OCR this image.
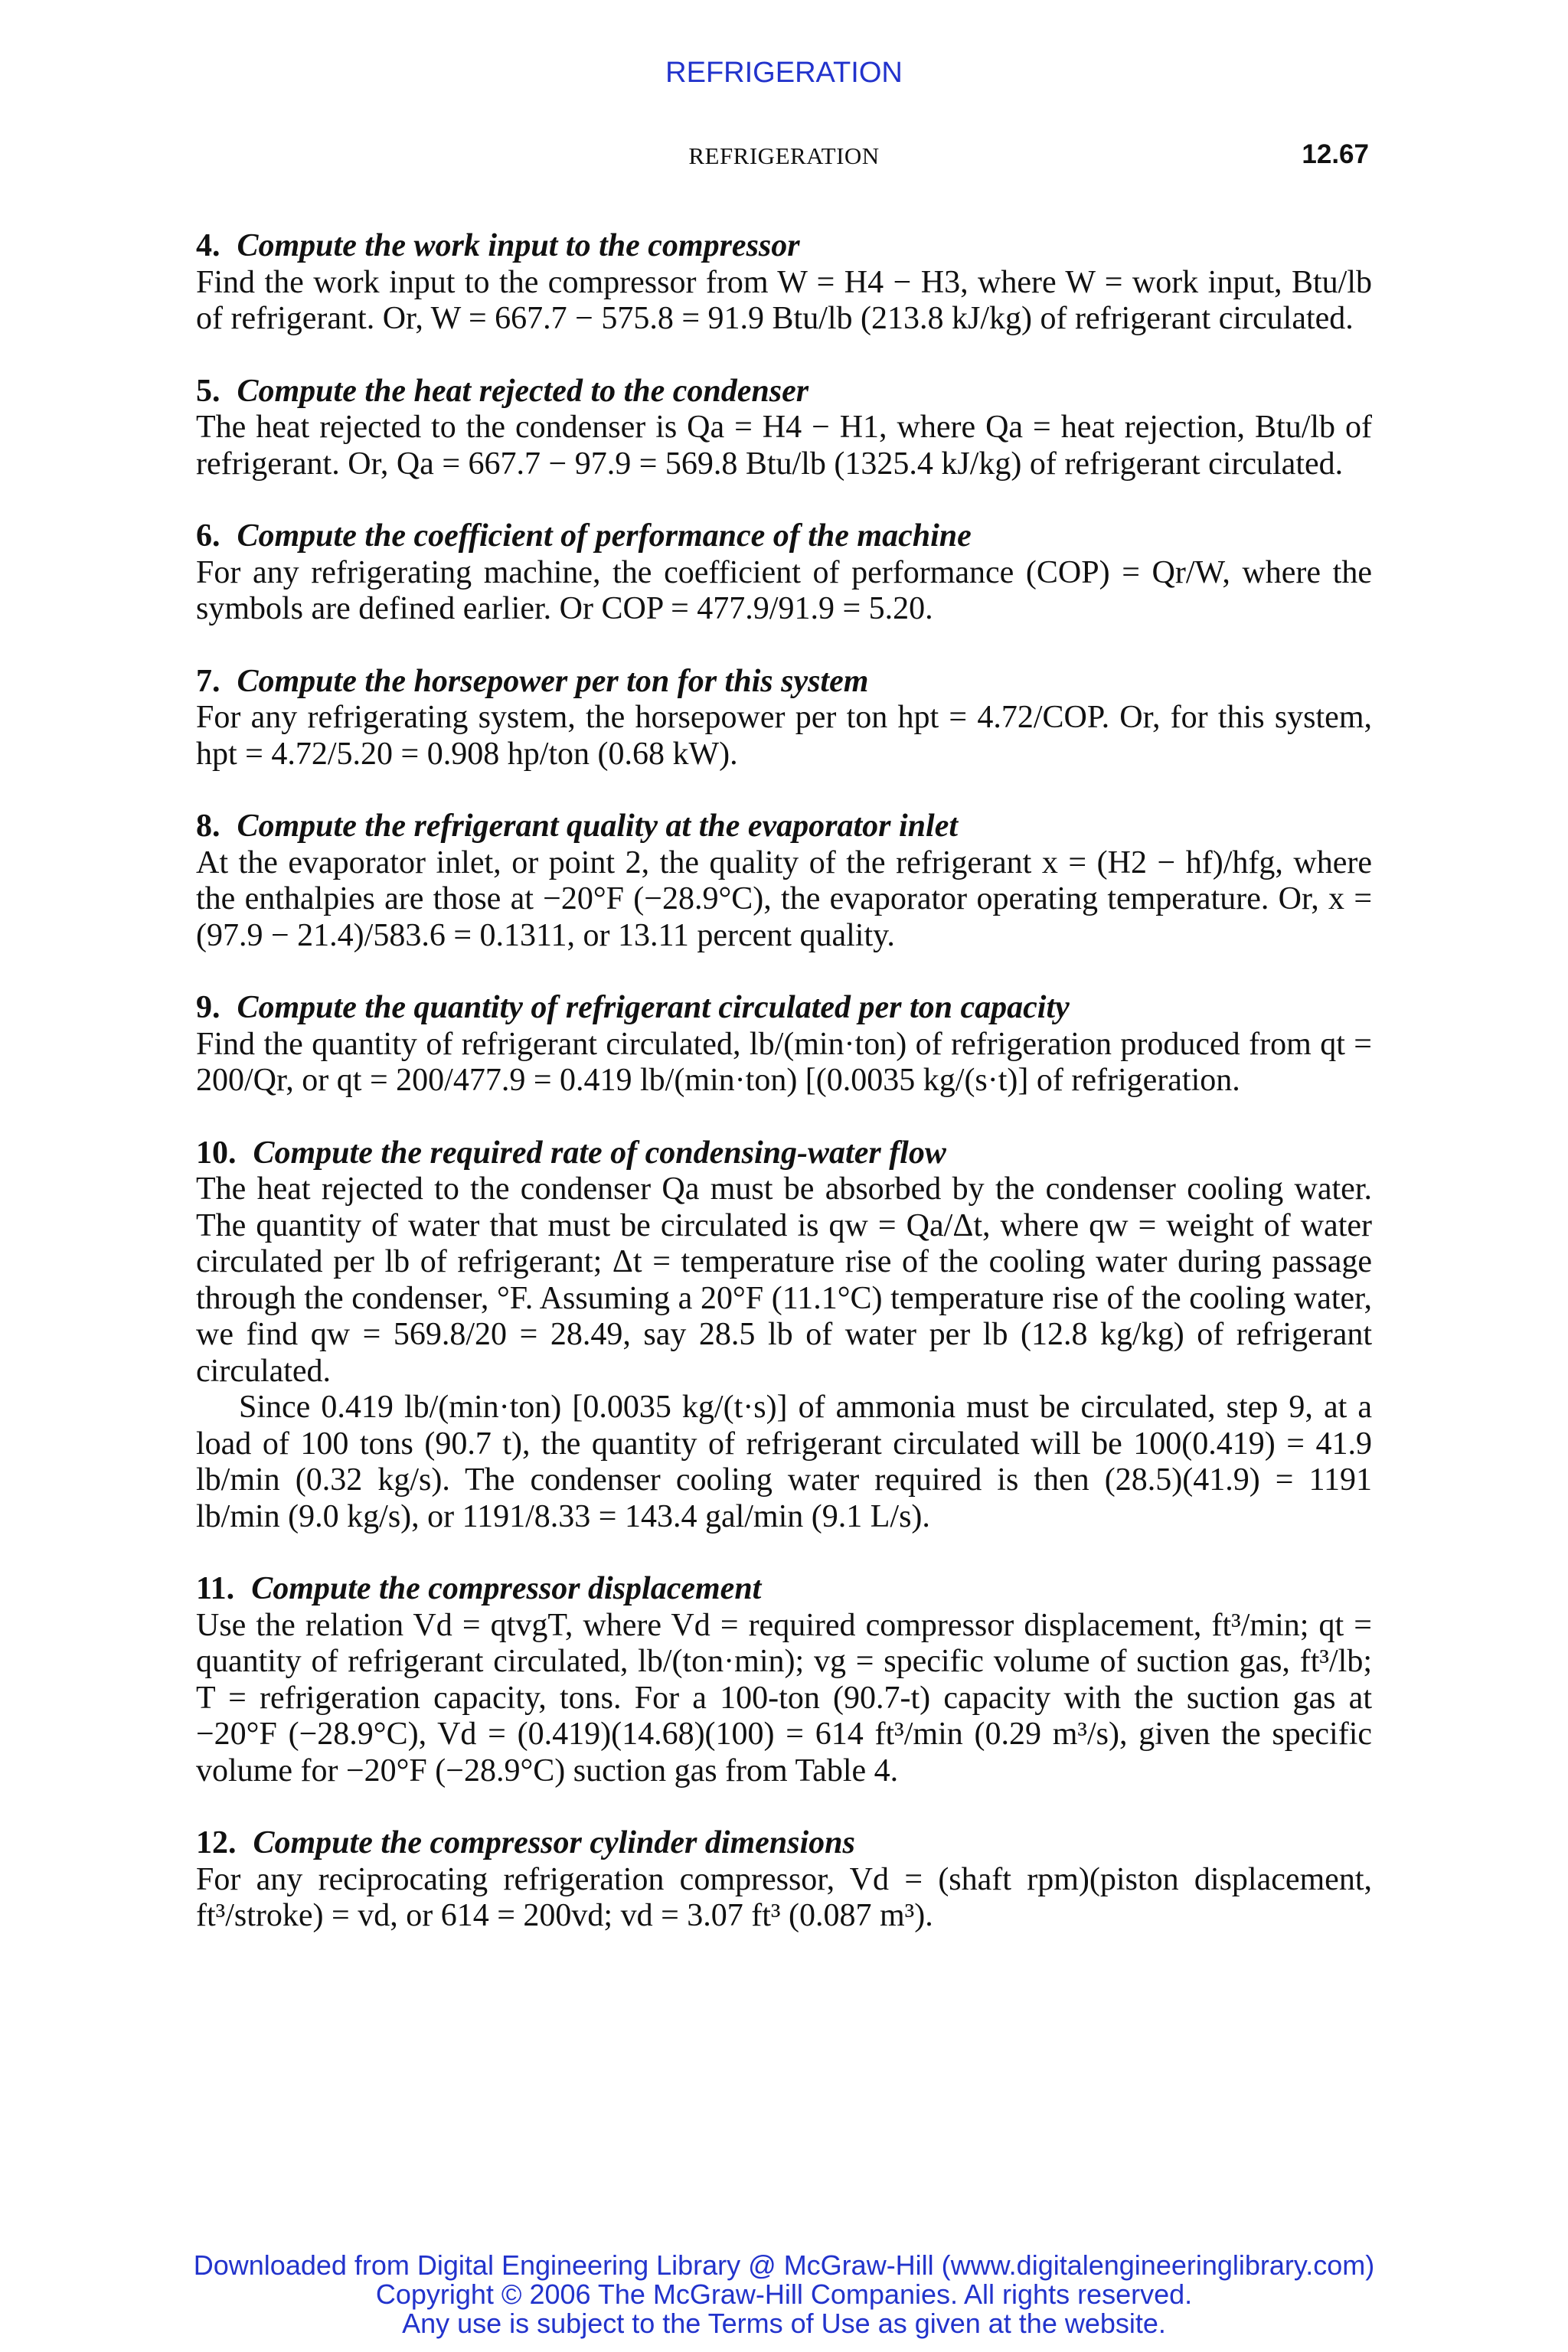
REFRIGERATION
REFRIGERATION	12.67
4. Compute the work input to the compressor

Find the work input to the compressor from W = H4 − H3, where W = work input, Btu/lb of refrigerant. Or, W = 667.7 − 575.8 = 91.9 Btu/lb (213.8 kJ/kg) of refrigerant circulated.

5. Compute the heat rejected to the condenser

The heat rejected to the condenser is Qa = H4 − H1, where Qa = heat rejection, Btu/lb of refrigerant. Or, Qa = 667.7 − 97.9 = 569.8 Btu/lb (1325.4 kJ/kg) of refrigerant circulated.

6. Compute the coefficient of performance of the machine

For any refrigerating machine, the coefficient of performance (COP) = Qr/W, where the symbols are defined earlier. Or COP = 477.9/91.9 = 5.20.

7. Compute the horsepower per ton for this system

For any refrigerating system, the horsepower per ton hpt = 4.72/COP. Or, for this system, hpt = 4.72/5.20 = 0.908 hp/ton (0.68 kW).

8. Compute the refrigerant quality at the evaporator inlet

At the evaporator inlet, or point 2, the quality of the refrigerant x = (H2 − hf)/hfg, where the enthalpies are those at −20°F (−28.9°C), the evaporator operating temperature. Or, x = (97.9 − 21.4)/583.6 = 0.1311, or 13.11 percent quality.

9. Compute the quantity of refrigerant circulated per ton capacity

Find the quantity of refrigerant circulated, lb/(min·ton) of refrigeration produced from qt = 200/Qr, or qt = 200/477.9 = 0.419 lb/(min·ton) [(0.0035 kg/(s·t)] of refrigeration.

10. Compute the required rate of condensing-water flow

The heat rejected to the condenser Qa must be absorbed by the condenser cooling water. The quantity of water that must be circulated is qw = Qa/Δt, where qw = weight of water circulated per lb of refrigerant; Δt = temperature rise of the cooling water during passage through the condenser, °F. Assuming a 20°F (11.1°C) temperature rise of the cooling water, we find qw = 569.8/20 = 28.49, say 28.5 lb of water per lb (12.8 kg/kg) of refrigerant circulated.

Since 0.419 lb/(min·ton) [0.0035 kg/(t·s)] of ammonia must be circulated, step 9, at a load of 100 tons (90.7 t), the quantity of refrigerant circulated will be 100(0.419) = 41.9 lb/min (0.32 kg/s). The condenser cooling water required is then (28.5)(41.9) = 1191 lb/min (9.0 kg/s), or 1191/8.33 = 143.4 gal/min (9.1 L/s).

11. Compute the compressor displacement

Use the relation Vd = qtvgT, where Vd = required compressor displacement, ft³/min; qt = quantity of refrigerant circulated, lb/(ton·min); vg = specific volume of suction gas, ft³/lb; T = refrigeration capacity, tons. For a 100-ton (90.7-t) capacity with the suction gas at −20°F (−28.9°C), Vd = (0.419)(14.68)(100) = 614 ft³/min (0.29 m³/s), given the specific volume for −20°F (−28.9°C) suction gas from Table 4.

12. Compute the compressor cylinder dimensions

For any reciprocating refrigeration compressor, Vd = (shaft rpm)(piston displacement, ft³/stroke) = vd, or 614 = 200vd; vd = 3.07 ft³ (0.087 m³).

Downloaded from Digital Engineering Library @ McGraw-Hill (www.digitalengineeringlibrary.com)
Copyright © 2006 The McGraw-Hill Companies. All rights reserved.
Any use is subject to the Terms of Use as given at the website.
